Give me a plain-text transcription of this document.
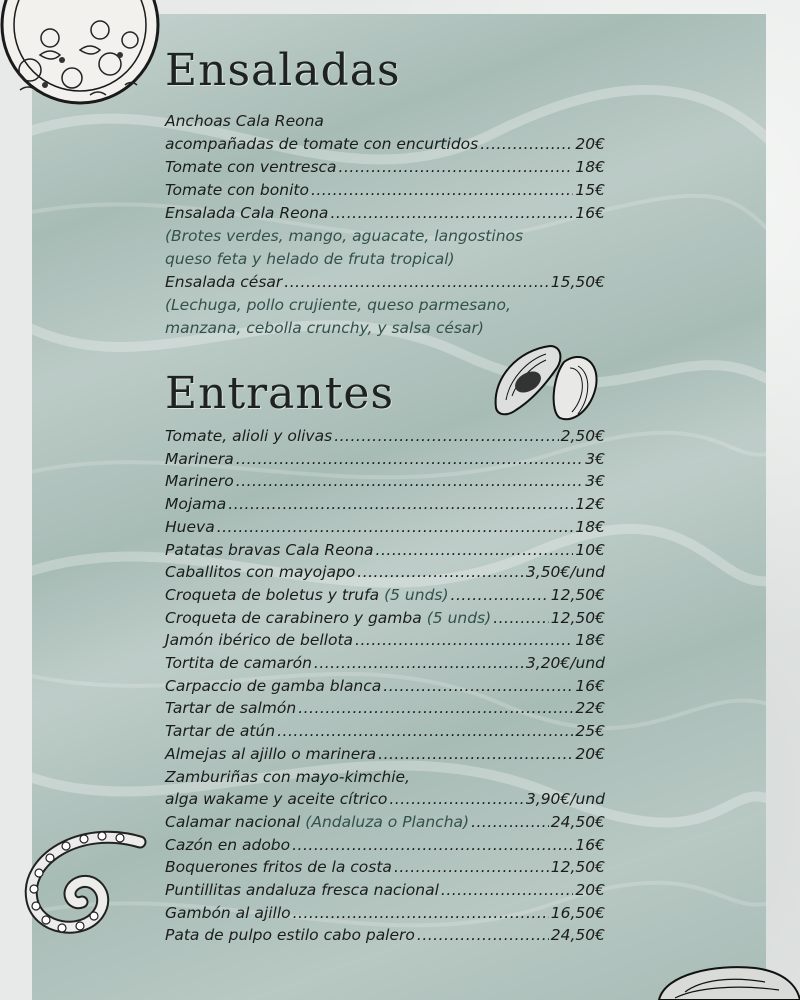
Ensaladas
Anchoas Cala Reona
acompañadas de tomate con encurtidos .....	20€
Tomate con ventresca .....	18€
Tomate con bonito .....	15€
Ensalada Cala Reona .....	16€
(Brotes verdes, mango, aguacate, langostinos
queso feta y helado de fruta tropical)
Ensalada césar .....	15,50€
(Lechuga, pollo crujiente, queso parmesano,
manzana, cebolla crunchy, y salsa césar)
Entrantes
Tomate, alioli y olivas .....	2,50€
Marinera .....	3€
Marinero .....	3€
Mojama .....	12€
Hueva .....	18€
Patatas bravas Cala Reona .....	10€
Caballitos con mayojapo .....	3,50€/und
Croqueta de boletus y trufa (5 unds) .....	12,50€
Croqueta de carabinero y gamba (5 unds) .....	12,50€
Jamón ibérico de bellota .....	18€
Tortita de camarón .....	3,20€/und
Carpaccio de gamba blanca .....	16€
Tartar de salmón .....	22€
Tartar de atún .....	25€
Almejas al ajillo o marinera .....	20€
Zamburiñas con mayo-kimchie,
alga wakame y aceite cítrico .....	3,90€/und
Calamar nacional (Andaluza o Plancha) .....	24,50€
Cazón en adobo .....	16€
Boquerones fritos de la costa .....	12,50€
Puntillitas andaluza fresca nacional .....	20€
Gambón al ajillo .....	16,50€
Pata de pulpo estilo cabo palero .....	24,50€
